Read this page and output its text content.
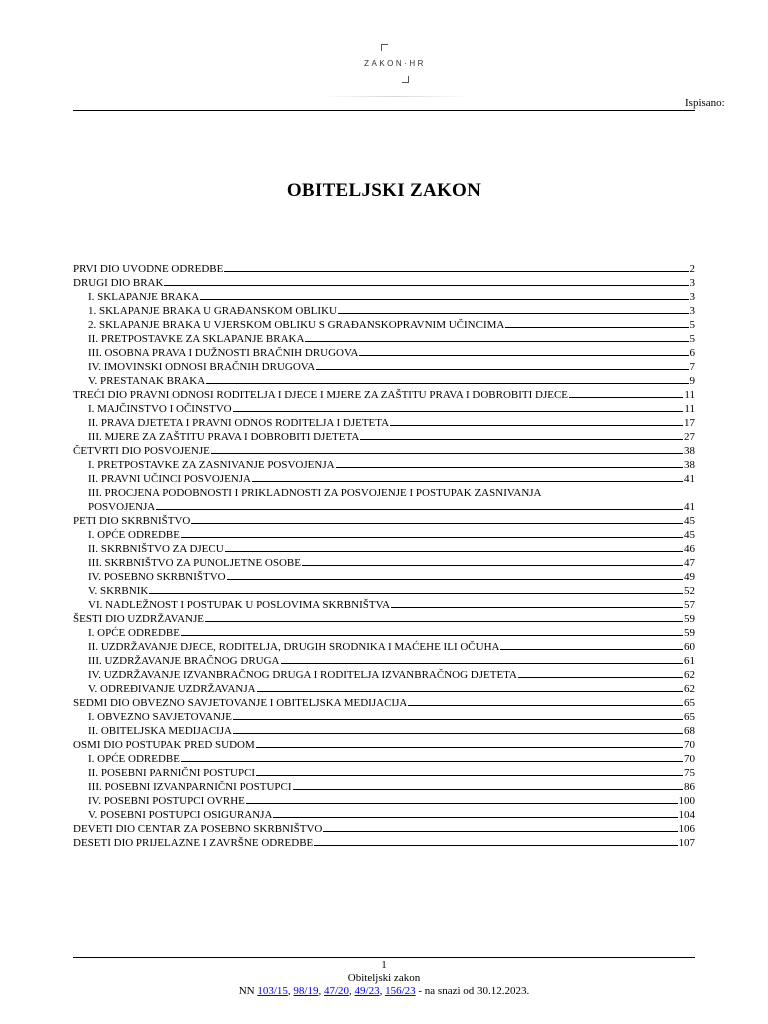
ZAKON·HR
Ispisano:
OBITELJSKI ZAKON
PRVI DIO UVODNE ODREDBE	2
DRUGI DIO BRAK	3
I. SKLAPANJE BRAKA	3
1. SKLAPANJE BRAKA U GRAĐANSKOM OBLIKU	3
2. SKLAPANJE BRAKA U VJERSKOM OBLIKU S GRAĐANSKOPRAVNIM UČINCIMA	5
II. PRETPOSTAVKE ZA SKLAPANJE BRAKA	5
III. OSOBNA PRAVA I DUŽNOSTI BRAČNIH DRUGOVA	6
IV. IMOVINSKI ODNOSI BRAČNIH DRUGOVA	7
V. PRESTANAK BRAKA	9
TREĆI DIO PRAVNI ODNOSI RODITELJA I DJECE I MJERE ZA ZAŠTITU PRAVA I DOBROBITI DJECE	11
I. MAJČINSTVO I OČINSTVO	11
II. PRAVA DJETETA I PRAVNI ODNOS RODITELJA I DJETETA	17
III. MJERE ZA ZAŠTITU PRAVA I DOBROBITI DJETETA	27
ČETVRTI DIO POSVOJENJE	38
I. PRETPOSTAVKE ZA ZASNIVANJE POSVOJENJA	38
II. PRAVNI UČINCI POSVOJENJA	41
III. PROCJENA PODOBNOSTI I PRIKLADNOSTI ZA POSVOJENJE I POSTUPAK ZASNIVANJA
POSVOJENJA	41
PETI DIO SKRBNIŠTVO	45
I. OPĆE ODREDBE	45
II. SKRBNIŠTVO ZA DJECU	46
III. SKRBNIŠTVO ZA PUNOLJETNE OSOBE	47
IV. POSEBNO SKRBNIŠTVO	49
V. SKRBNIK	52
VI. NADLEŽNOST I POSTUPAK U POSLOVIMA SKRBNIŠTVA	57
ŠESTI DIO UZDRŽAVANJE	59
I. OPĆE ODREDBE	59
II. UZDRŽAVANJE DJECE, RODITELJA, DRUGIH SRODNIKA I MAĆEHE ILI OČUHA	60
III. UZDRŽAVANJE BRAČNOG DRUGA	61
IV. UZDRŽAVANJE IZVANBRAČNOG DRUGA I RODITELJA IZVANBRAČNOG DJETETA	62
V. ODREĐIVANJE UZDRŽAVANJA	62
SEDMI DIO OBVEZNO SAVJETOVANJE I OBITELJSKA MEDIJACIJA	65
I. OBVEZNO SAVJETOVANJE	65
II. OBITELJSKA MEDIJACIJA	68
OSMI DIO POSTUPAK PRED SUDOM	70
I. OPĆE ODREDBE	70
II. POSEBNI PARNIČNI POSTUPCI	75
III. POSEBNI IZVANPARNIČNI POSTUPCI	86
IV. POSEBNI POSTUPCI OVRHE	100
V. POSEBNI POSTUPCI OSIGURANJA	104
DEVETI DIO CENTAR ZA POSEBNO SKRBNIŠTVO	106
DESETI DIO PRIJELAZNE I ZAVRŠNE ODREDBE	107
1
Obiteljski zakon
NN 103/15, 98/19, 47/20, 49/23, 156/23 - na snazi od 30.12.2023.
